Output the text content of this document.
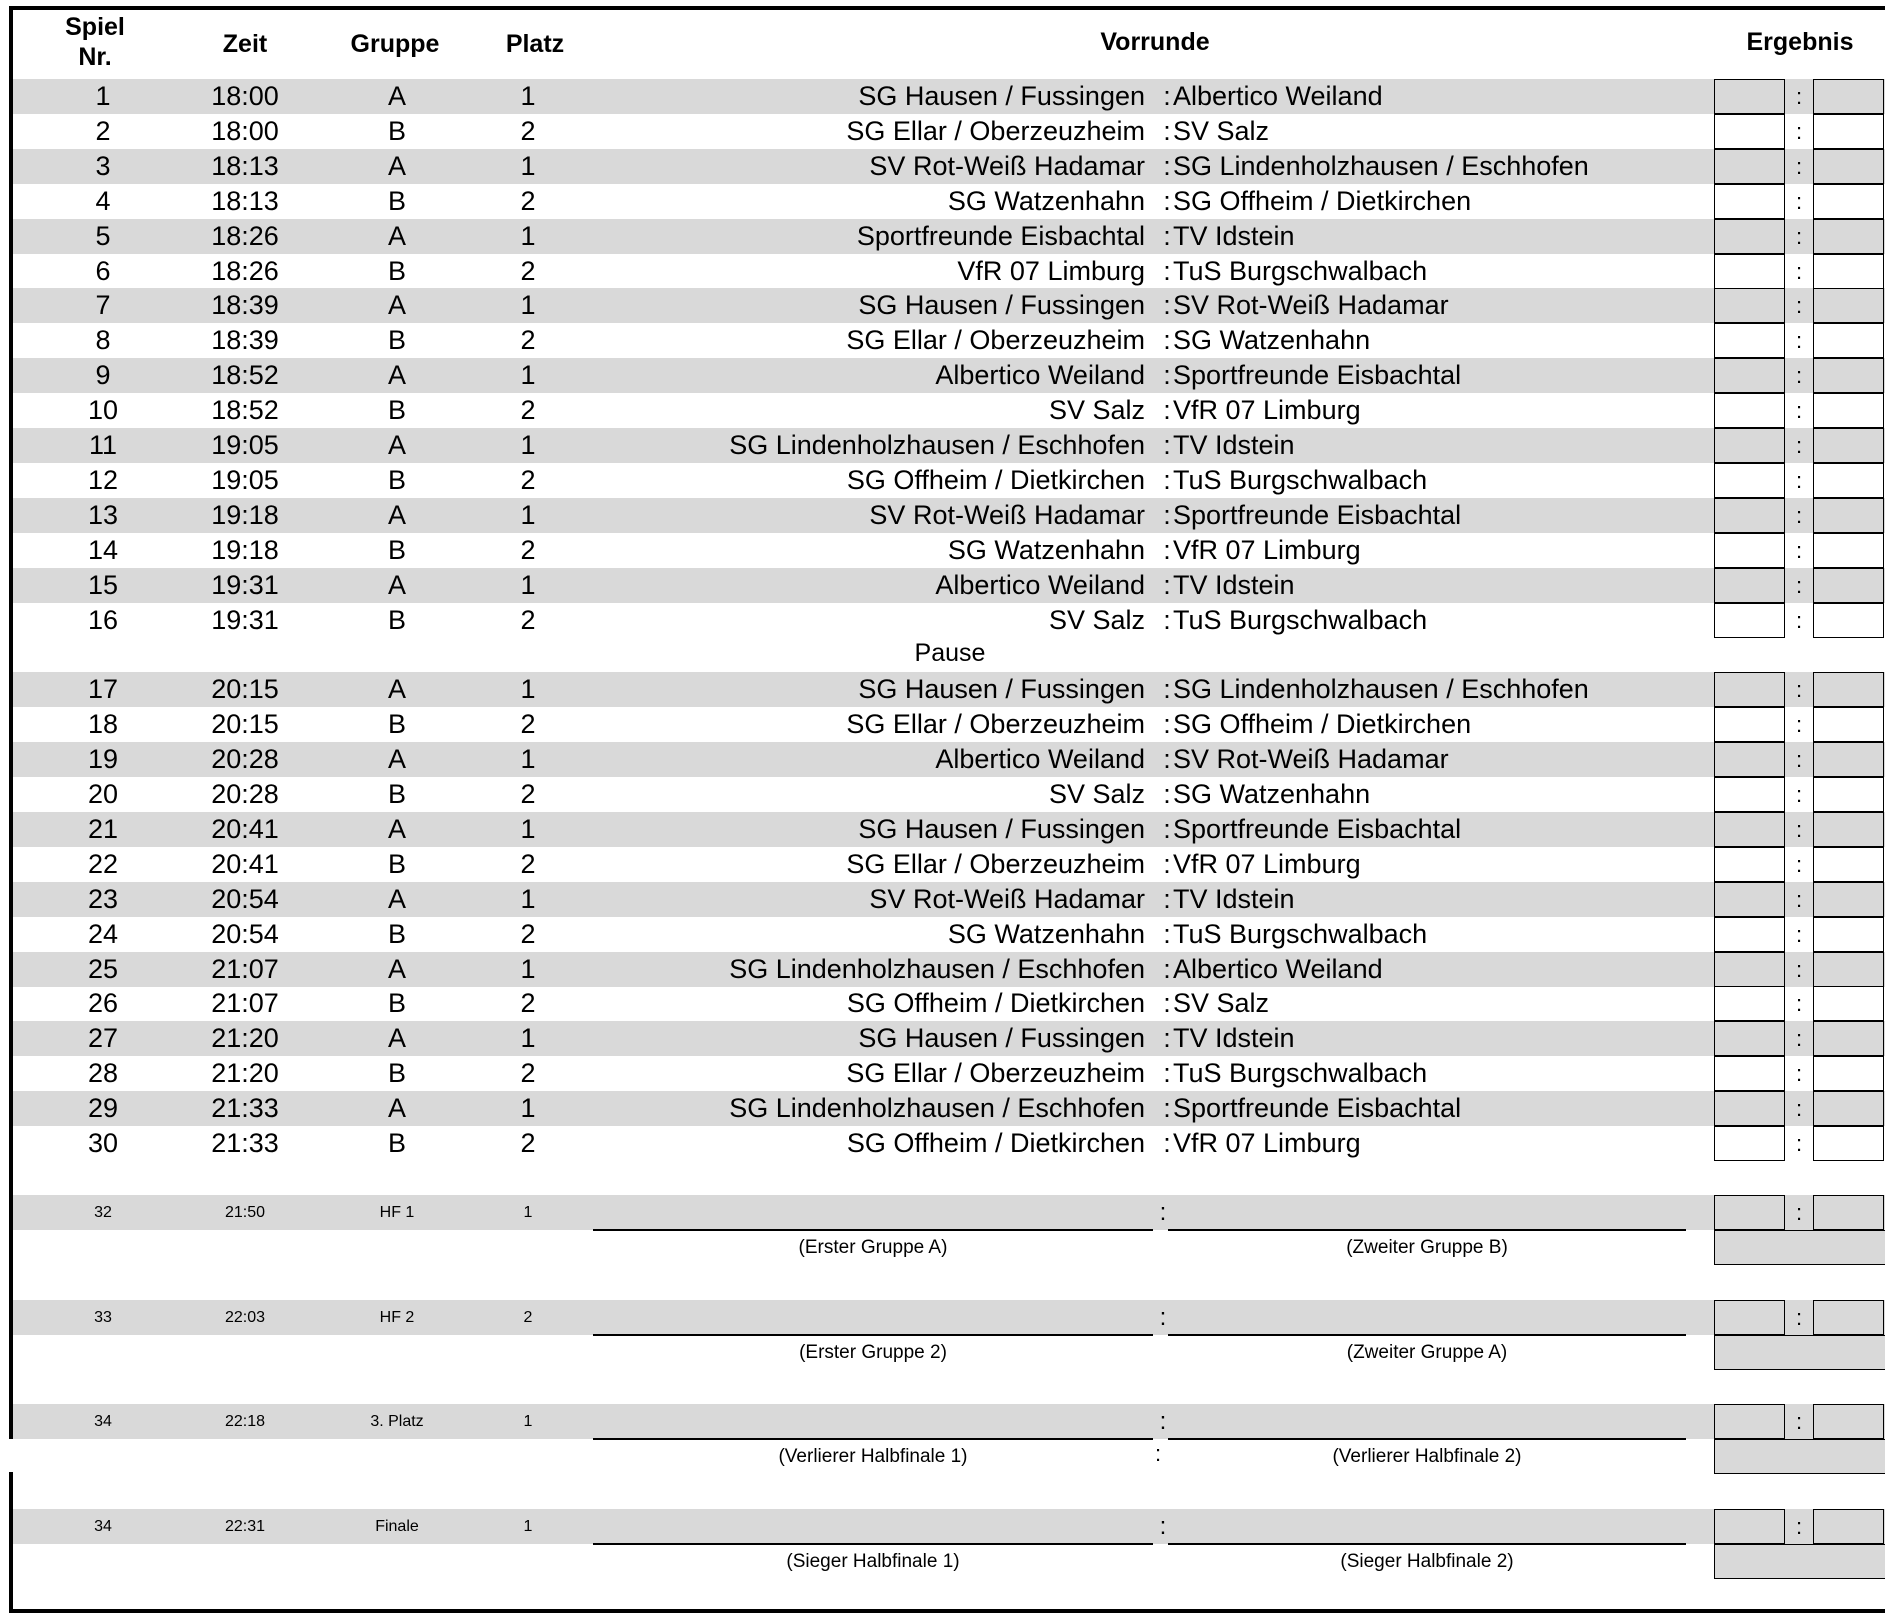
Spiel
Nr.	Zeit	Gruppe	Platz	Vorrunde	Ergebnis
1	18:00	A	1	SG Hausen / Fussingen : Albertico Weiland	:
2	18:00	B	2	SG Ellar / Oberzeuzheim : SV Salz	:
3	18:13	A	1	SV Rot-Weiß Hadamar : SG Lindenholzhausen / Eschhofen	:
4	18:13	B	2	SG Watzenhahn : SG Offheim / Dietkirchen	:
5	18:26	A	1	Sportfreunde Eisbachtal : TV Idstein	:
6	18:26	B	2	VfR 07 Limburg : TuS Burgschwalbach	:
7	18:39	A	1	SG Hausen / Fussingen : SV Rot-Weiß Hadamar	:
8	18:39	B	2	SG Ellar / Oberzeuzheim : SG Watzenhahn	:
9	18:52	A	1	Albertico Weiland : Sportfreunde Eisbachtal	:
10	18:52	B	2	SV Salz : VfR 07 Limburg	:
11	19:05	A	1	SG Lindenholzhausen / Eschhofen : TV Idstein	:
12	19:05	B	2	SG Offheim / Dietkirchen : TuS Burgschwalbach	:
13	19:18	A	1	SV Rot-Weiß Hadamar : Sportfreunde Eisbachtal	:
14	19:18	B	2	SG Watzenhahn : VfR 07 Limburg	:
15	19:31	A	1	Albertico Weiland : TV Idstein	:
16	19:31	B	2	SV Salz : TuS Burgschwalbach	:
17	20:15	A	1	SG Hausen / Fussingen : SG Lindenholzhausen / Eschhofen	:
18	20:15	B	2	SG Ellar / Oberzeuzheim : SG Offheim / Dietkirchen	:
19	20:28	A	1	Albertico Weiland : SV Rot-Weiß Hadamar	:
20	20:28	B	2	SV Salz : SG Watzenhahn	:
21	20:41	A	1	SG Hausen / Fussingen : Sportfreunde Eisbachtal	:
22	20:41	B	2	SG Ellar / Oberzeuzheim : VfR 07 Limburg	:
23	20:54	A	1	SV Rot-Weiß Hadamar : TV Idstein	:
24	20:54	B	2	SG Watzenhahn : TuS Burgschwalbach	:
25	21:07	A	1	SG Lindenholzhausen / Eschhofen : Albertico Weiland	:
26	21:07	B	2	SG Offheim / Dietkirchen : SV Salz	:
27	21:20	A	1	SG Hausen / Fussingen : TV Idstein	:
28	21:20	B	2	SG Ellar / Oberzeuzheim : TuS Burgschwalbach	:
29	21:33	A	1	SG Lindenholzhausen / Eschhofen : Sportfreunde Eisbachtal	:
30	21:33	B	2	SG Offheim / Dietkirchen : VfR 07 Limburg	:
Pause
32	21:50	HF 1	1	:
(Erster Gruppe A)	(Zweiter Gruppe B)
:
33	22:03	HF 2	2	:
(Erster Gruppe 2)	(Zweiter Gruppe A)
:
34	22:18	3. Platz	1	:
(Verlierer Halbfinale 1)	:	(Verlierer Halbfinale 2)
:
34	22:31	Finale	1	:
(Sieger Halbfinale 1)	(Sieger Halbfinale 2)
:
